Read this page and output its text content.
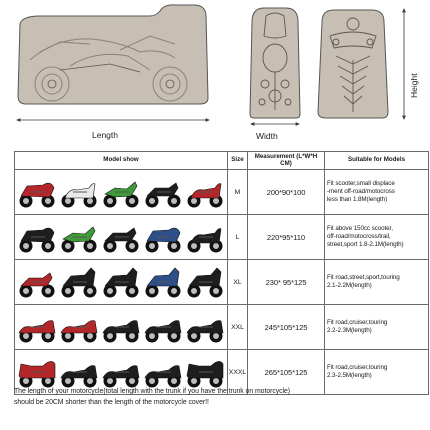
Length	Width
Height
Model show	Size	Measurement (L*W*H CM)	Suitable for Models

	M	200*90*100	Fit scooter,small displace
-ment off-road/motocross
less than 1.8M(length)

	L	220*95*110	Fit above 150cc scooter,
off-road/motocross/trail,
street,sport 1.8-2.1M(length)

	XL	230* 95*125	Fit road,street,sport,touring
2.1-2.2M(length)

	XXL	245*105*125	Fit road,cruiser,touring
2.2-2.3M(length)

	XXXL	265*105*125	Fit road,cruiser,touring
2.3-2.5M(length)
The length of your motorcycle(total length with the trunk if you have the trunk on motorcycle)
should be 20CM shorter than the length of the motorcycle cover!!
